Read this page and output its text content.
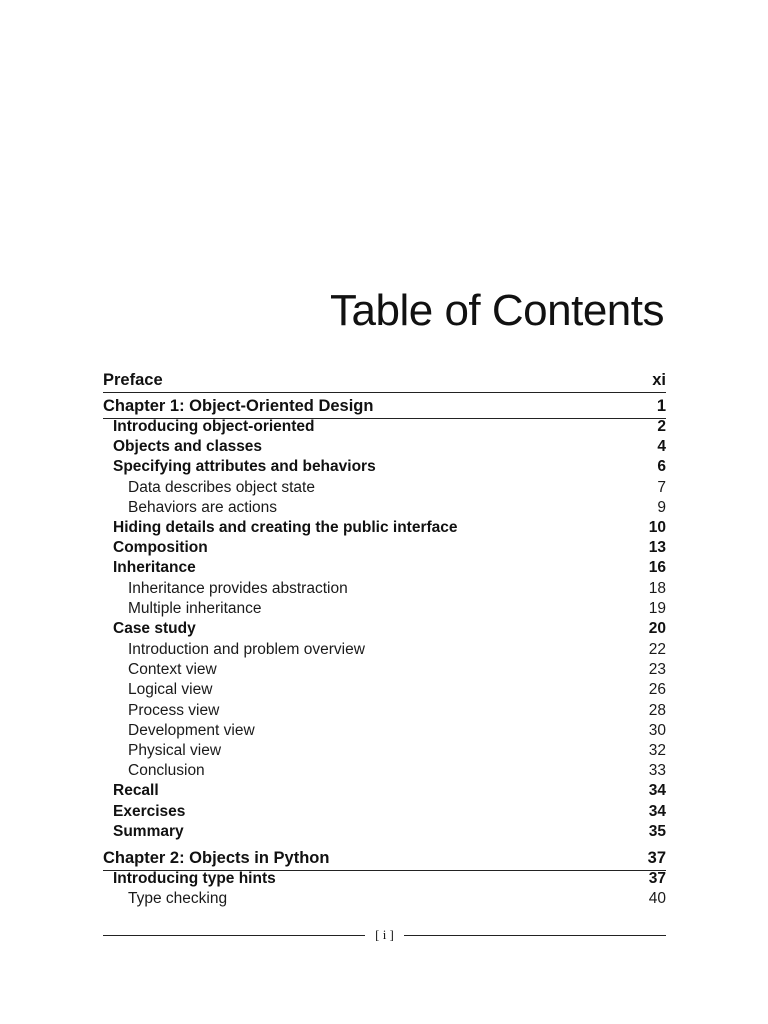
Table of Contents
Preface	xi
Chapter 1: Object-Oriented Design	1
Introducing object-oriented	2
Objects and classes	4
Specifying attributes and behaviors	6
Data describes object state	7
Behaviors are actions	9
Hiding details and creating the public interface	10
Composition	13
Inheritance	16
Inheritance provides abstraction	18
Multiple inheritance	19
Case study	20
Introduction and problem overview	22
Context view	23
Logical view	26
Process view	28
Development view	30
Physical view	32
Conclusion	33
Recall	34
Exercises	34
Summary	35
Chapter 2: Objects in Python	37
Introducing type hints	37
Type checking	40
[ i ]
